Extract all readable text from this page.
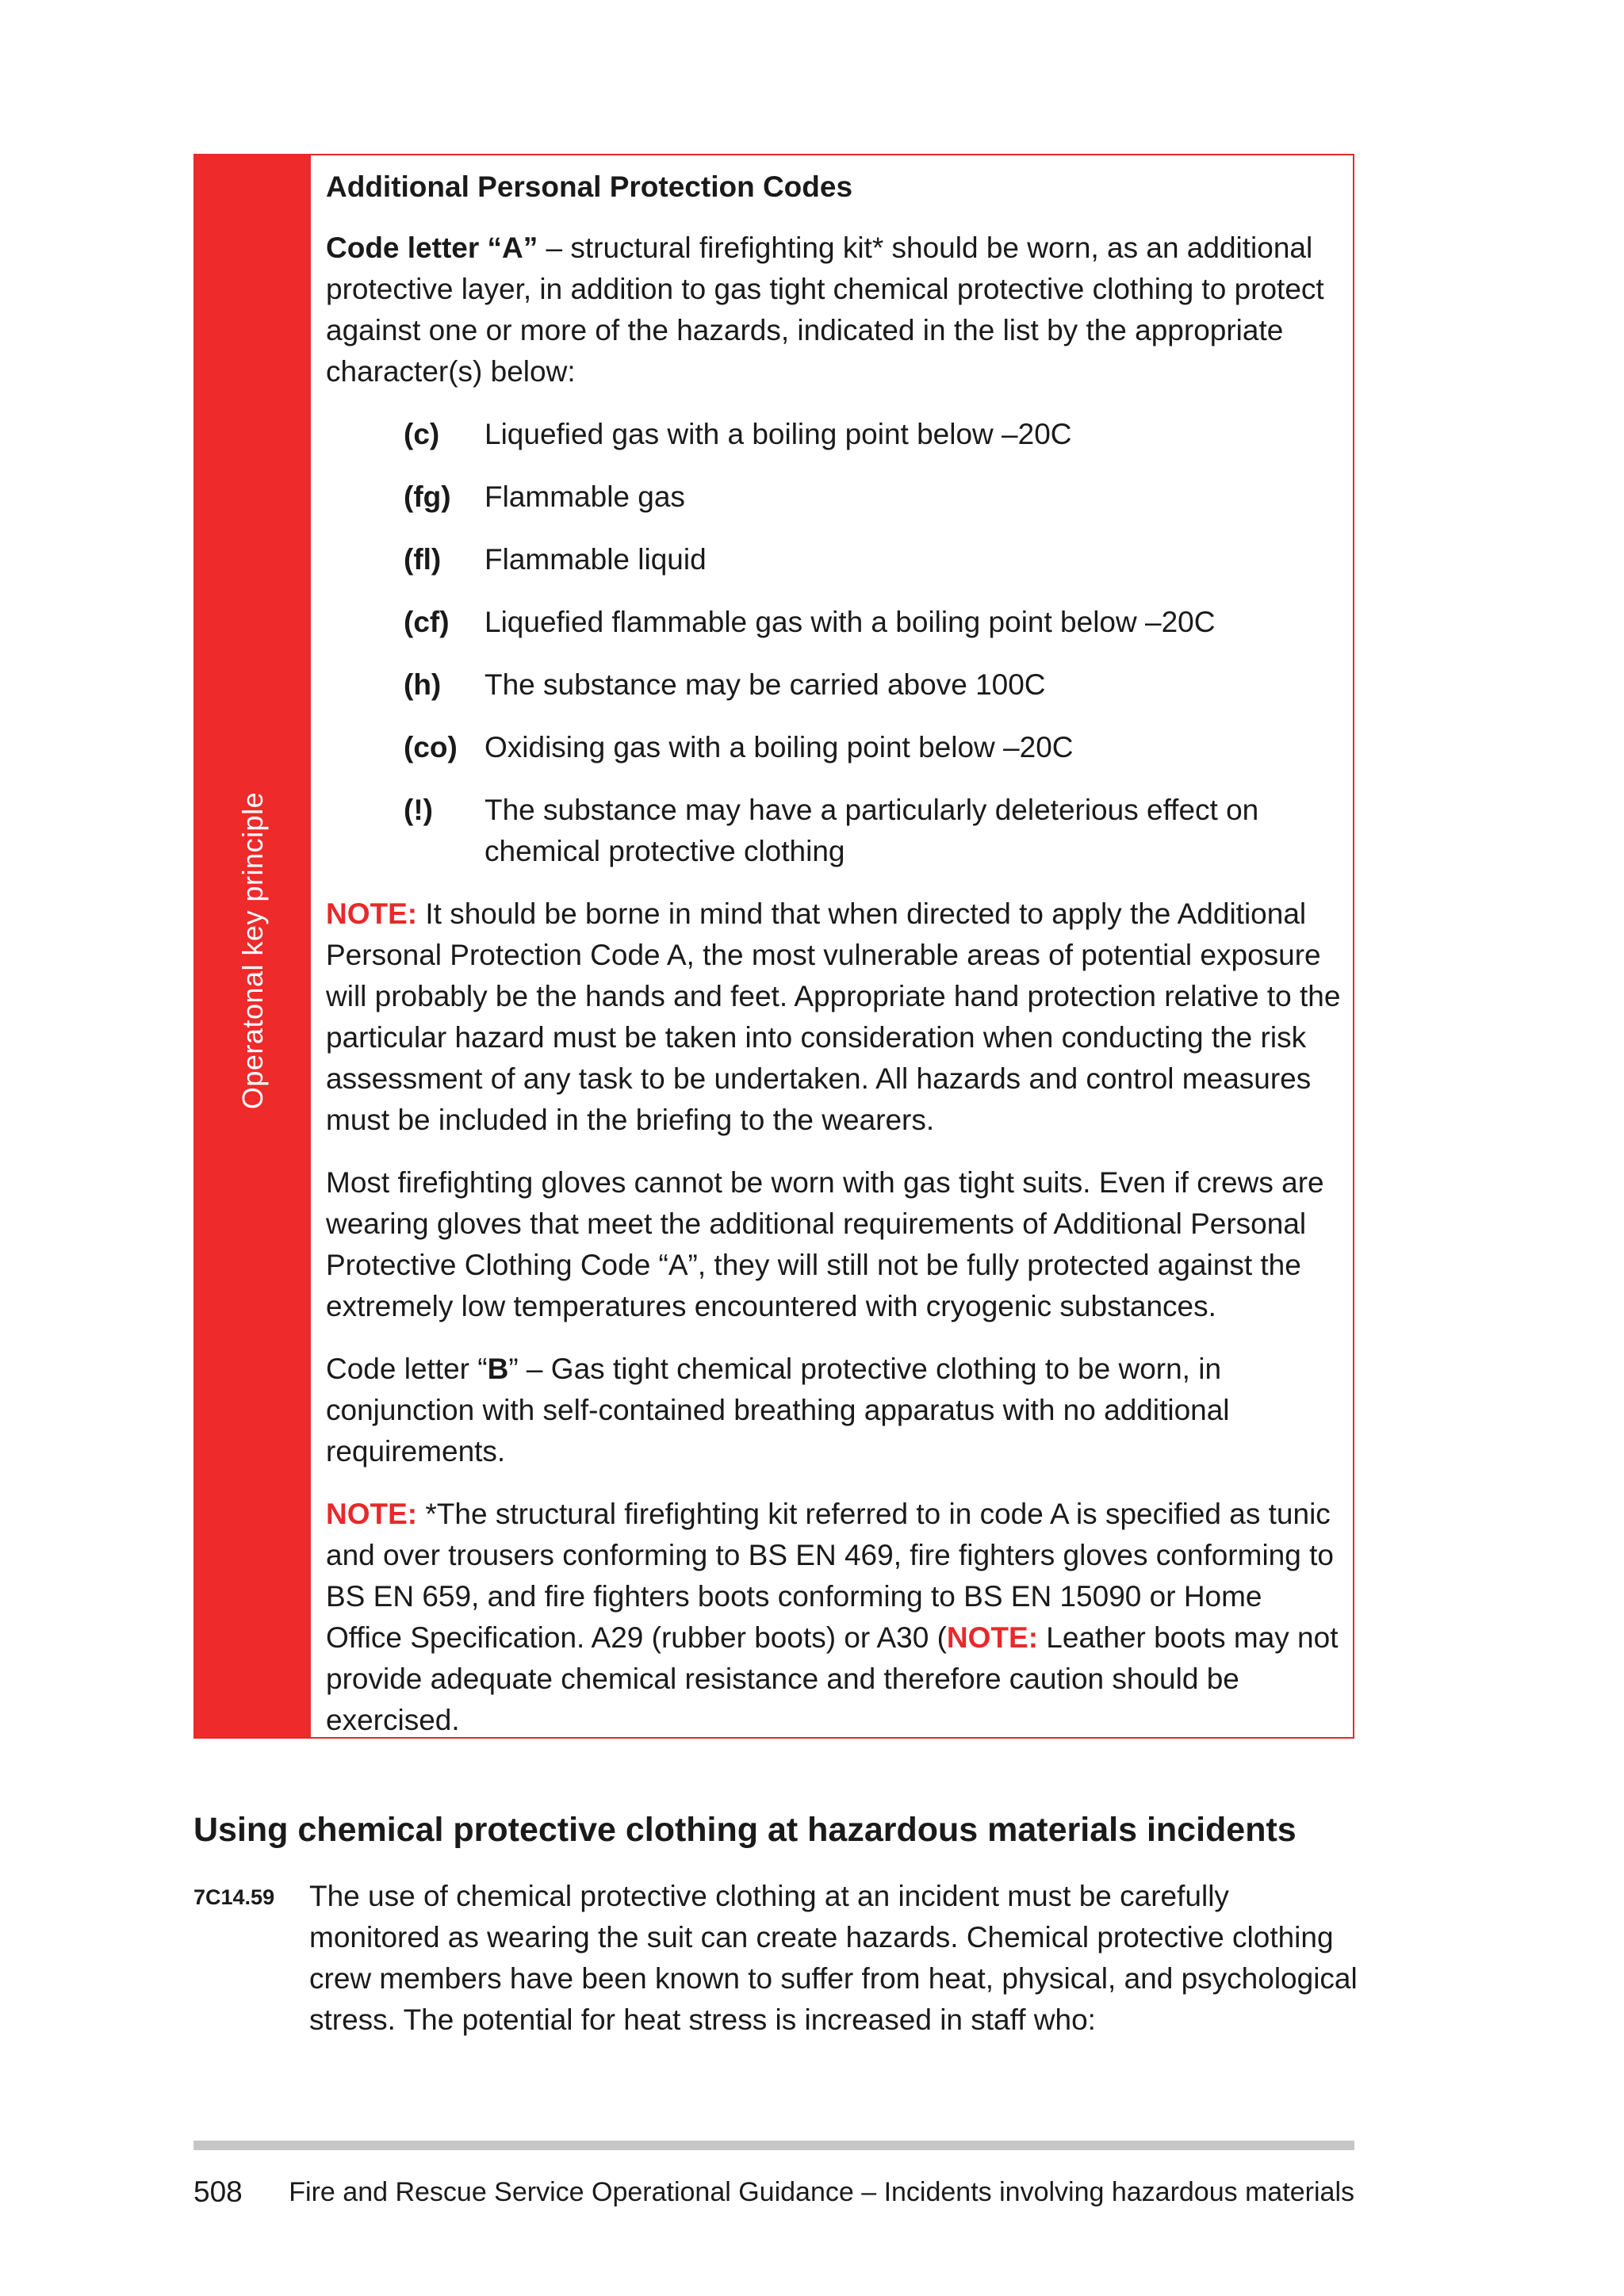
Operatonal key principle

Additional Personal Protection Codes

Code letter “A” – structural firefighting kit* should be worn, as an additional protective layer, in addition to gas tight chemical protective clothing to protect against one or more of the hazards, indicated in the list by the appropriate character(s) below:

(c)	Liquefied gas with a boiling point below –20C
(fg)	Flammable gas
(fl)	Flammable liquid
(cf)	Liquefied flammable gas with a boiling point below –20C
(h)	The substance may be carried above 100C
(co) Oxidising gas with a boiling point below –20C
(!)	The substance may have a particularly deleterious effect on chemical protective clothing

NOTE: It should be borne in mind that when directed to apply the Additional Personal Protection Code A, the most vulnerable areas of potential exposure will probably be the hands and feet. Appropriate hand protection relative to the particular hazard must be taken into consideration when conducting the risk assessment of any task to be undertaken. All hazards and control measures must be included in the briefing to the wearers.

Most firefighting gloves cannot be worn with gas tight suits. Even if crews are wearing gloves that meet the additional requirements of Additional Personal Protective Clothing Code “A”, they will still not be fully protected against the extremely low temperatures encountered with cryogenic substances.

Code letter “B” – Gas tight chemical protective clothing to be worn, in conjunction with self-contained breathing apparatus with no additional requirements.

NOTE: *The structural firefighting kit referred to in code A is specified as tunic and over trousers conforming to BS EN 469, fire fighters gloves conforming to BS EN 659, and fire fighters boots conforming to BS EN 15090 or Home Office Specification. A29 (rubber boots) or A30 (NOTE: Leather boots may not provide adequate chemical resistance and therefore caution should be exercised.

Using chemical protective clothing at hazardous materials incidents
7C14.59 The use of chemical protective clothing at an incident must be carefully monitored as wearing the suit can create hazards. Chemical protective clothing crew members have been known to suffer from heat, physical, and psychological stress. The potential for heat stress is increased in staff who:
508 Fire and Rescue Service Operational Guidance – Incidents involving hazardous materials
